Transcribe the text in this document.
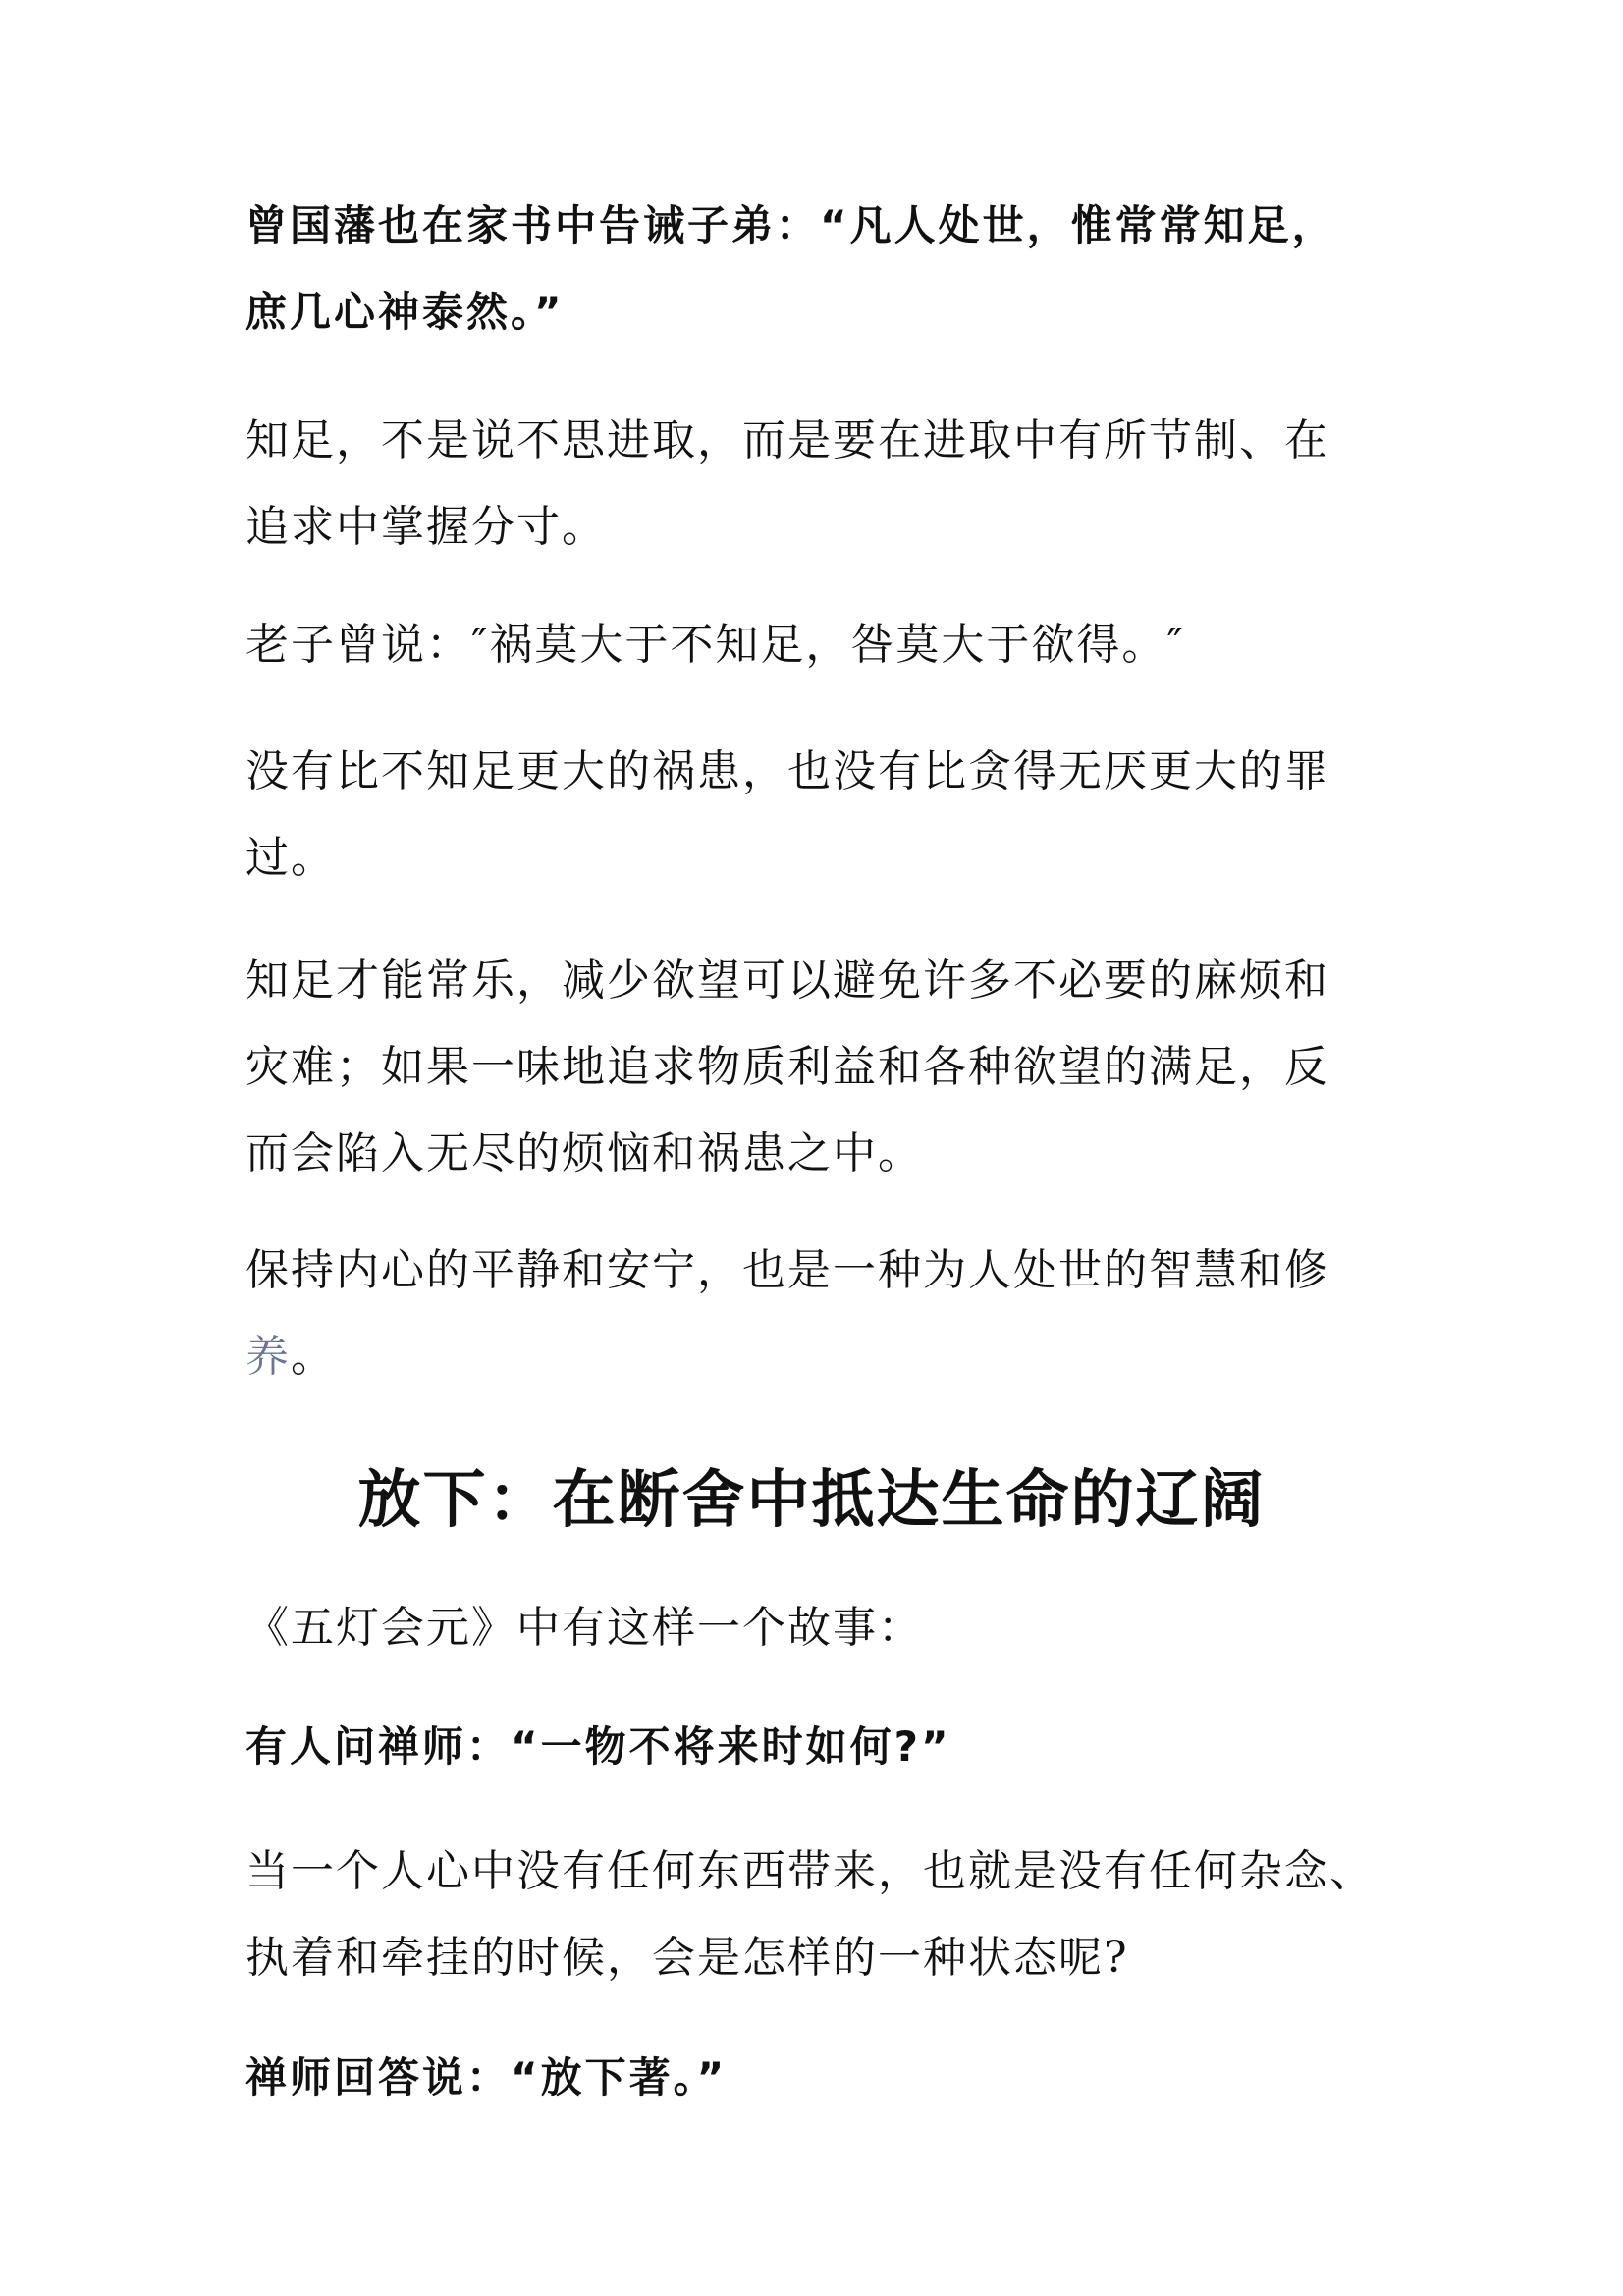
曾国藩也在家书中告诫子弟：“凡人处世，惟常常知足，
庶几心神泰然。”

知足，不是说不思进取，而是要在进取中有所节制、在
追求中掌握分寸。

老子曾说：″祸莫大于不知足，咎莫大于欲得。″

没有比不知足更大的祸患，也没有比贪得无厌更大的罪
过。

知足才能常乐，减少欲望可以避免许多不必要的麻烦和
灾难；如果一味地追求物质利益和各种欲望的满足，反
而会陷入无尽的烦恼和祸患之中。

保持内心的平静和安宁，也是一种为人处世的智慧和修
养。

放下：在断舍中抵达生命的辽阔

《五灯会元》中有这样一个故事：

有人问禅师：“一物不将来时如何?”

当一个人心中没有任何东西带来，也就是没有任何杂念、
执着和牵挂的时候，会是怎样的一种状态呢?

禅师回答说：“放下著。”
